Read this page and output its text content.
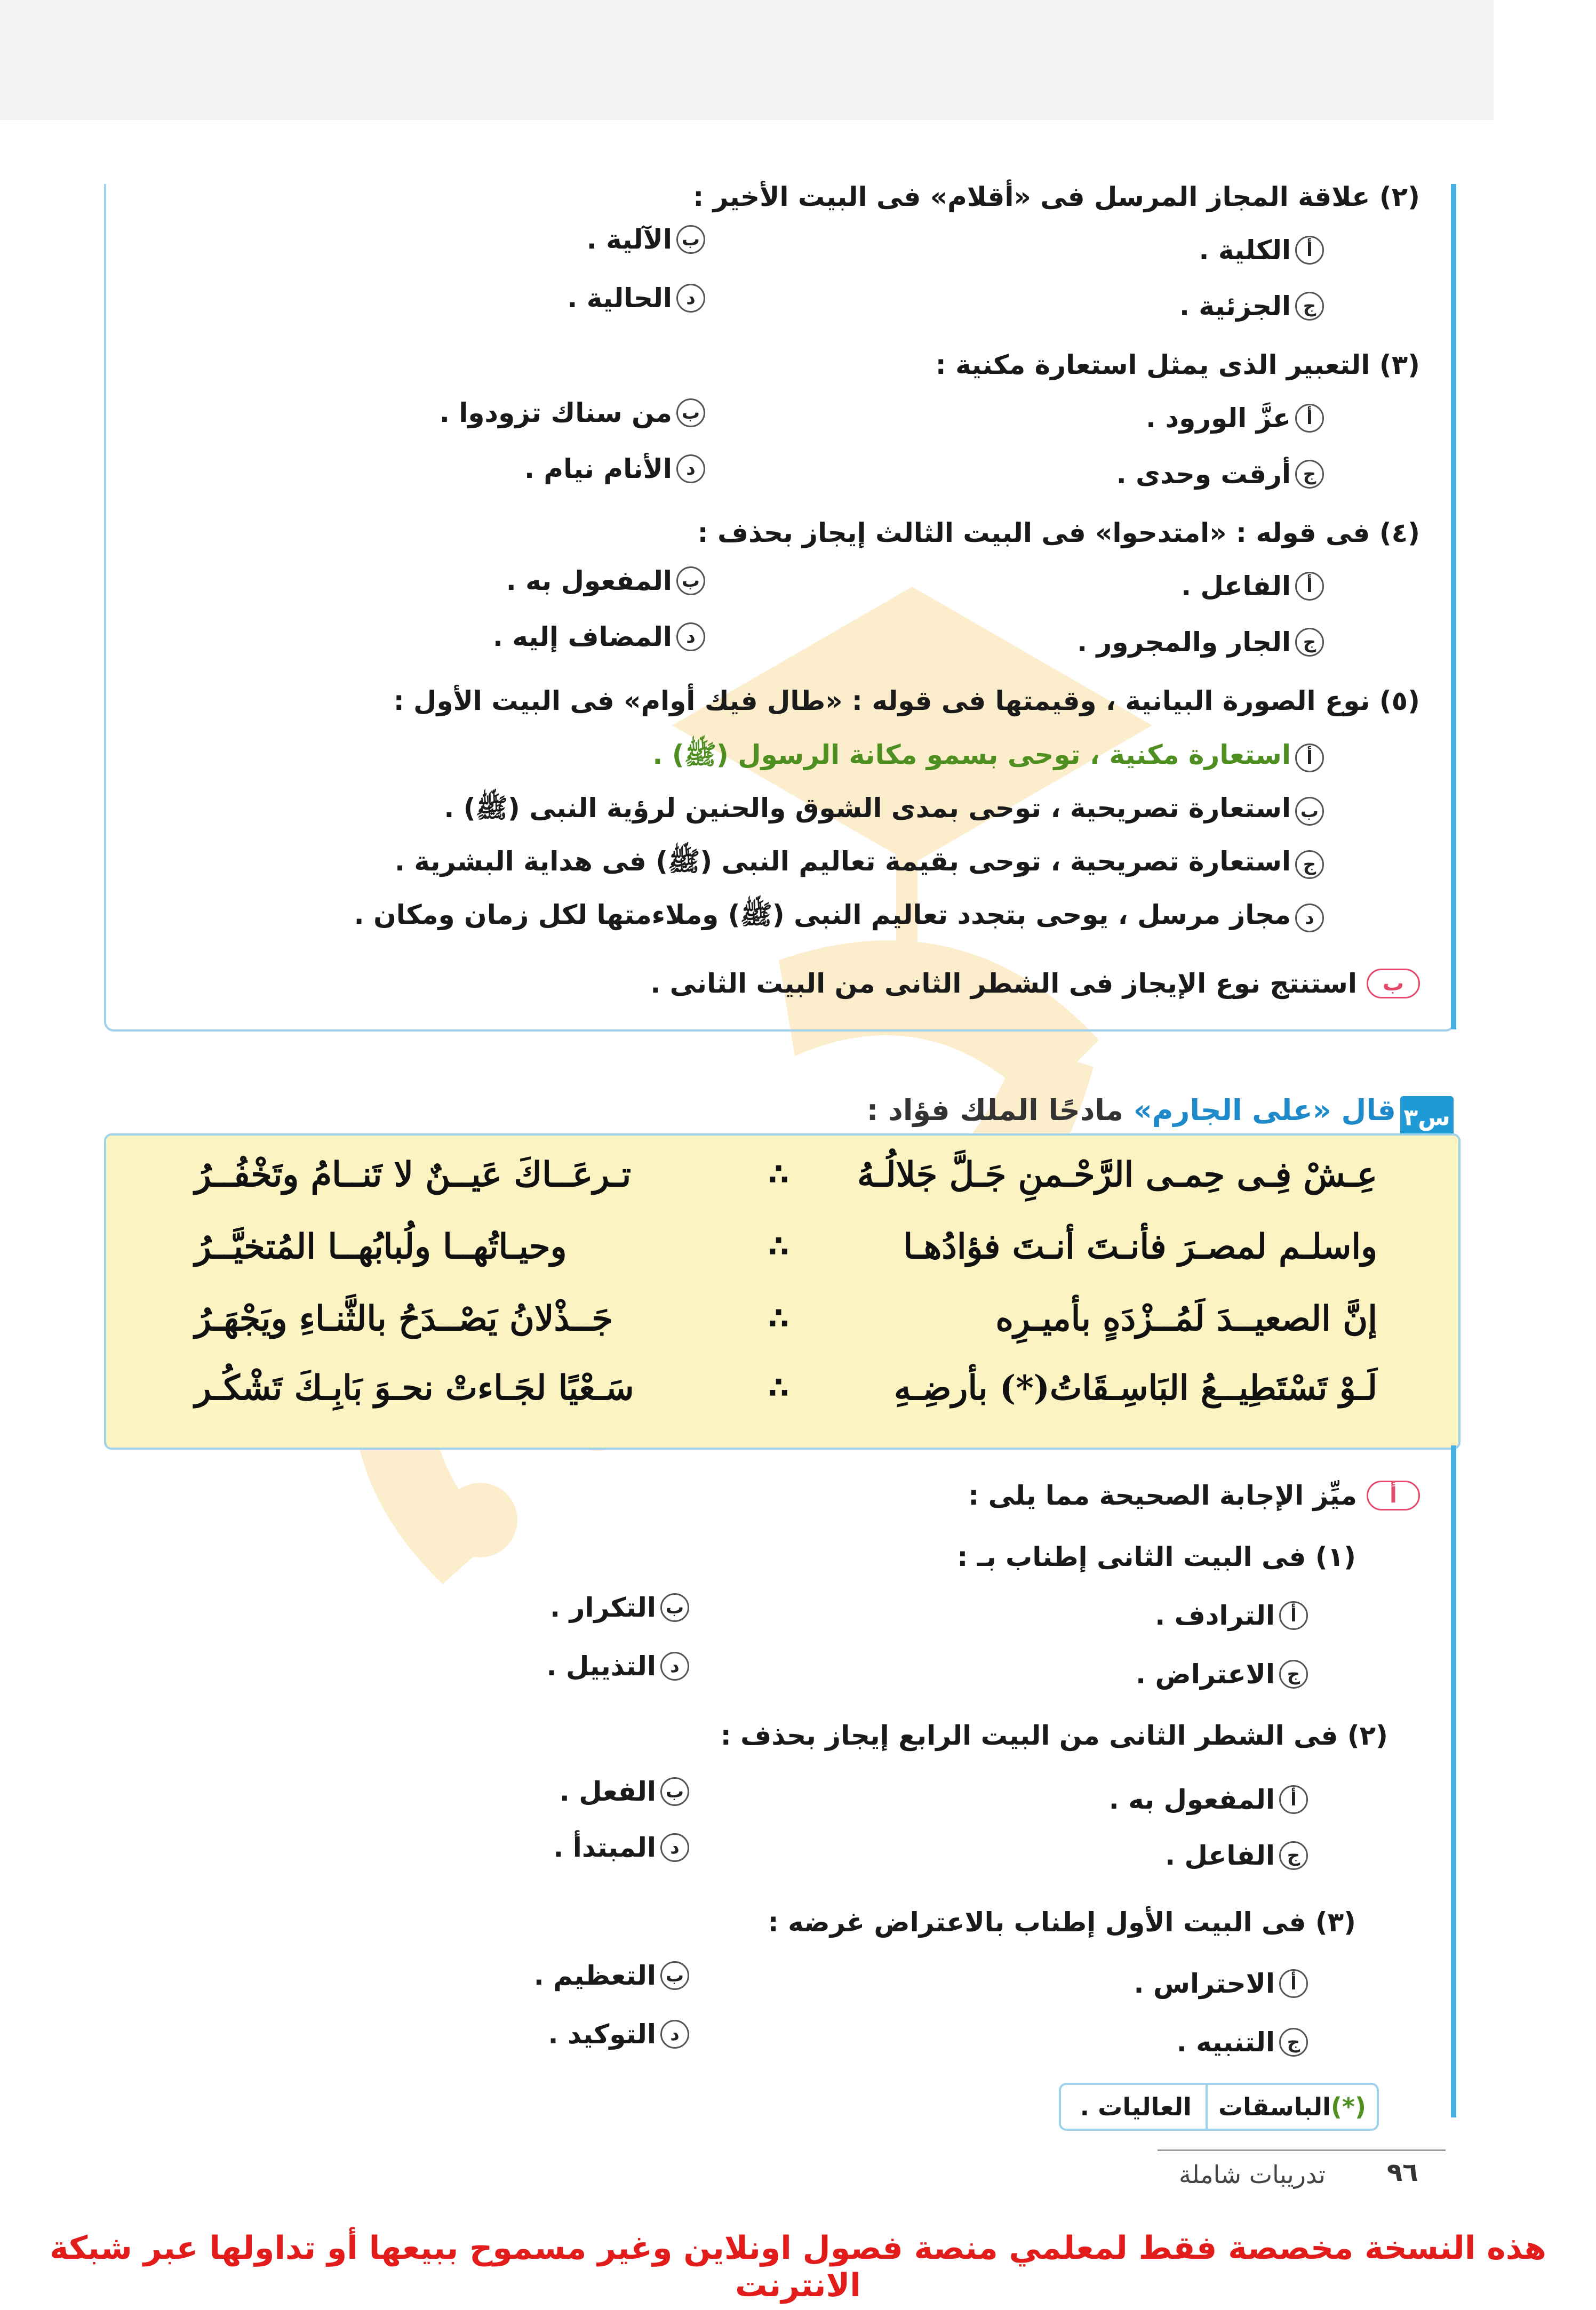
(٢) علاقة المجاز المرسل فى «أقلام» فى البيت الأخير :
أ
الكلية .
ب
الآلية .
ج
الجزئية .
د
الحالية .
(٣) التعبير الذى يمثل استعارة مكنية :
أ
عزَّ الورود .
ب
من سناك تزودوا .
ج
أرقت وحدى .
د
الأنام نيام .
(٤) فى قوله : «امتدحوا» فى البيت الثالث إيجاز بحذف :
أ
الفاعل .
ب
المفعول به .
ج
الجار والمجرور .
د
المضاف إليه .
(٥) نوع الصورة البيانية ، وقيمتها فى قوله : «طال فيك أوام» فى البيت الأول :
أ
استعارة مكنية ، توحى بسمو مكانة الرسول (ﷺ) .
ب
استعارة تصريحية ، توحى بمدى الشوق والحنين لرؤية النبى (ﷺ) .
ج
استعارة تصريحية ، توحى بقيمة تعاليم النبى (ﷺ) فى هداية البشرية .
د
مجاز مرسل ، يوحى بتجدد تعاليم النبى (ﷺ) وملاءمتها لكل زمان ومكان .
ب
استنتج نوع الإيجاز فى الشطر الثانى من البيت الثانى .
س٣
قال «على الجارم» مادحًا الملك فؤاد :
عِـشْ فِـى حِمـى الرَّحْـمنِ جَـلَّ جَلالُـهُ
∴
تـرعَــاكَ عَيــنٌ لا تَنــامُ وتَخْفُــرُ
واسلـم لمصـرَ فأنـتَ أنـتَ فؤادُهـا
∴
وحيـاتُهــا ولُبابُهــا المُتخيَّــرُ
إنَّ الصعيــدَ لَمُــزْدَهٍ بأميـرِه
∴
جَــذْلانُ يَصْــدَحُ بالثَّنـاءِ ويَجْهَـرُ
لَـوْ تَسْتَطِيــعُ البَاسِـقَاتُ(*) بأرضِـهِ
∴
سَـعْيًا لجَـاءتْ نحـوَ بَابِـكَ تَشْكُـر
أ
ميِّز الإجابة الصحيحة مما يلى :
(١) فى البيت الثانى إطناب بـ :
أ
الترادف .
ب
التكرار .
ج
الاعتراض .
د
التذييل .
(٢) فى الشطر الثانى من البيت الرابع إيجاز بحذف :
أ
المفعول به .
ب
الفعل .
ج
الفاعل .
د
المبتدأ .
(٣) فى البيت الأول إطناب بالاعتراض غرضه :
أ
الاحتراس .
ب
التعظيم .
ج
التنبيه .
د
التوكيد .
(*)
الباسقات
العاليات .
٩٦
تدريبات شاملة
هذه النسخة مخصصة فقط لمعلمي منصة فصول اونلاين وغير مسموح ببيعها أو تداولها عبر شبكة الانترنت
